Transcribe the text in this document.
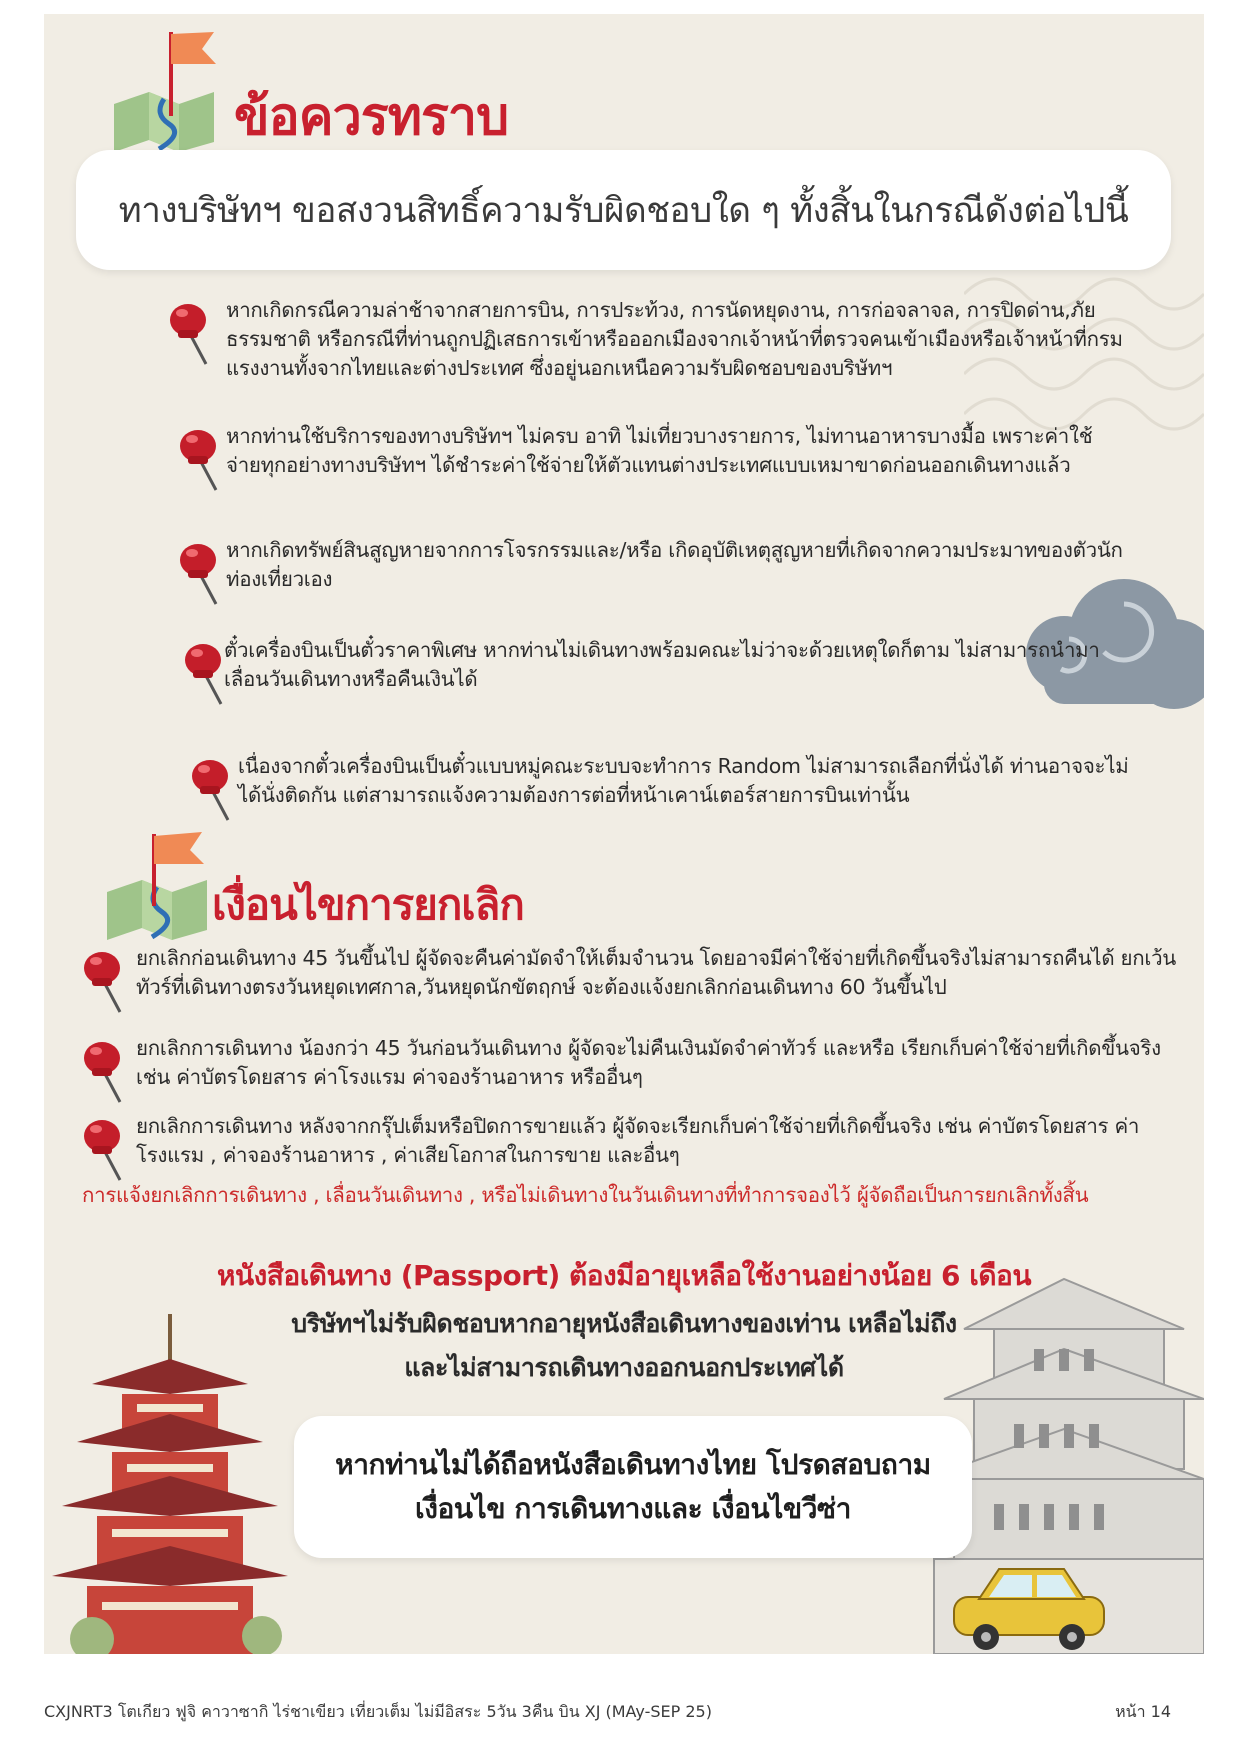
ข้อควรทราบ
ทางบริษัทฯ ขอสงวนสิทธิ์ความรับผิดชอบใด ๆ ทั้งสิ้นในกรณีดังต่อไปนี้
หากเกิดกรณีความล่าช้าจากสายการบิน, การประท้วง, การนัดหยุดงาน, การก่อจลาจล, การปิดด่าน,ภัยธรรมชาติ หรือกรณีที่ท่านถูกปฏิเสธการเข้าหรือออกเมืองจากเจ้าหน้าที่ตรวจคนเข้าเมืองหรือเจ้าหน้าที่กรมแรงงานทั้งจากไทยและต่างประเทศ ซึ่งอยู่นอกเหนือความรับผิดชอบของบริษัทฯ
หากท่านใช้บริการของทางบริษัทฯ ไม่ครบ อาทิ ไม่เที่ยวบางรายการ, ไม่ทานอาหารบางมื้อ เพราะค่าใช้จ่ายทุกอย่างทางบริษัทฯ ได้ชำระค่าใช้จ่ายให้ตัวแทนต่างประเทศแบบเหมาขาดก่อนออกเดินทางแล้ว
หากเกิดทรัพย์สินสูญหายจากการโจรกรรมและ/หรือ เกิดอุบัติเหตุสูญหายที่เกิดจากความประมาทของตัวนักท่องเที่ยวเอง
ตั๋วเครื่องบินเป็นตั๋วราคาพิเศษ หากท่านไม่เดินทางพร้อมคณะไม่ว่าจะด้วยเหตุใดก็ตาม ไม่สามารถนำมาเลื่อนวันเดินทางหรือคืนเงินได้
เนื่องจากตั๋วเครื่องบินเป็นตั๋วแบบหมู่คณะระบบจะทำการ Random ไม่สามารถเลือกที่นั่งได้ ท่านอาจจะไม่ได้นั่งติดกัน แต่สามารถแจ้งความต้องการต่อที่หน้าเคาน์เตอร์สายการบินเท่านั้น
เงื่อนไขการยกเลิก
ยกเลิกก่อนเดินทาง 45 วันขึ้นไป ผู้จัดจะคืนค่ามัดจำให้เต็มจำนวน โดยอาจมีค่าใช้จ่ายที่เกิดขึ้นจริงไม่สามารถคืนได้ ยกเว้นทัวร์ที่เดินทางตรงวันหยุดเทศกาล,วันหยุดนักขัตฤกษ์ จะต้องแจ้งยกเลิกก่อนเดินทาง 60 วันขึ้นไป
ยกเลิกการเดินทาง น้องกว่า 45 วันก่อนวันเดินทาง ผู้จัดจะไม่คืนเงินมัดจำค่าทัวร์ และหรือ เรียกเก็บค่าใช้จ่ายที่เกิดขึ้นจริง เช่น ค่าบัตรโดยสาร ค่าโรงแรม ค่าจองร้านอาหาร หรืออื่นๆ
ยกเลิกการเดินทาง หลังจากกรุ๊ปเต็มหรือปิดการขายแล้ว ผู้จัดจะเรียกเก็บค่าใช้จ่ายที่เกิดขึ้นจริง เช่น ค่าบัตรโดยสาร ค่าโรงแรม , ค่าจองร้านอาหาร , ค่าเสียโอกาสในการขาย และอื่นๆ
การแจ้งยกเลิกการเดินทาง , เลื่อนวันเดินทาง , หรือไม่เดินทางในวันเดินทางที่ทำการจองไว้ ผู้จัดถือเป็นการยกเลิกทั้งสิ้น
หนังสือเดินทาง (Passport) ต้องมีอายุเหลือใช้งานอย่างน้อย 6 เดือน
บริษัทฯไม่รับผิดชอบหากอายุหนังสือเดินทางของเท่าน เหลือไม่ถึง
และไม่สามารถเดินทางออกนอกประเทศได้
หากท่านไม่ได้ถือหนังสือเดินทางไทย โปรดสอบถาม
เงื่อนไข การเดินทางและ เงื่อนไขวีซ่า
CXJNRT3 โตเกียว ฟูจิ คาวาซากิ ไร่ชาเขียว เที่ยวเต็ม ไม่มีอิสระ 5วัน 3คืน บิน XJ (MAy-SEP 25)	หน้า 14
